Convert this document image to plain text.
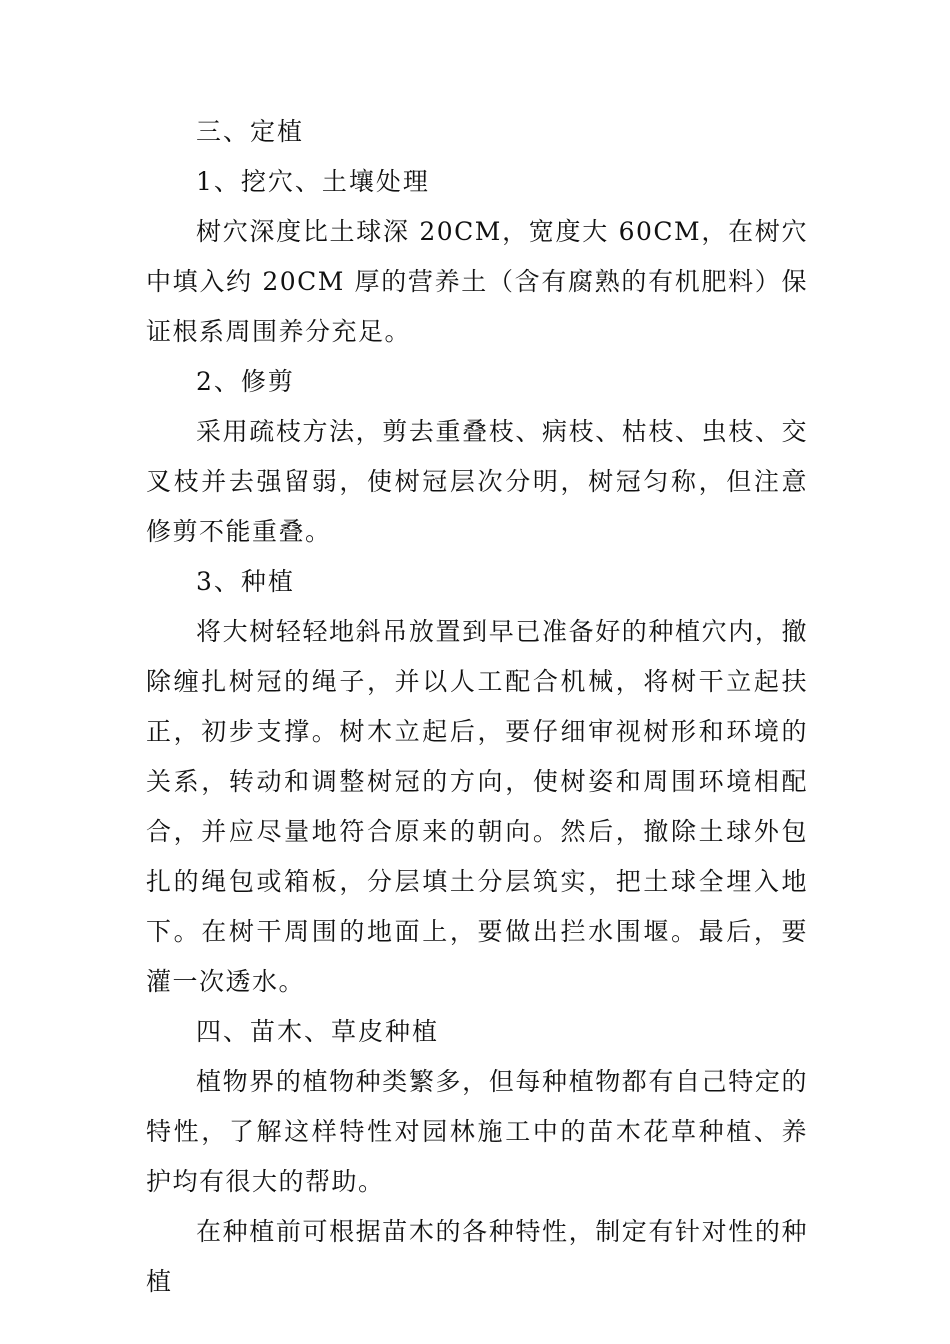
三、定植

1、挖穴、土壤处理

树穴深度比土球深 20CM，宽度大 60CM，在树穴中填入约 20CM 厚的营养土（含有腐熟的有机肥料）保证根系周围养分充足。

2、修剪

采用疏枝方法，剪去重叠枝、病枝、枯枝、虫枝、交叉枝并去强留弱，使树冠层次分明，树冠匀称，但注意修剪不能重叠。

3、种植

将大树轻轻地斜吊放置到早已准备好的种植穴内，撤除缠扎树冠的绳子，并以人工配合机械，将树干立起扶正，初步支撑。树木立起后，要仔细审视树形和环境的关系，转动和调整树冠的方向，使树姿和周围环境相配合，并应尽量地符合原来的朝向。然后，撤除土球外包扎的绳包或箱板，分层填土分层筑实，把土球全埋入地下。在树干周围的地面上，要做出拦水围堰。最后，要灌一次透水。

四、苗木、草皮种植

植物界的植物种类繁多，但每种植物都有自己特定的特性，了解这样特性对园林施工中的苗木花草种植、养护均有很大的帮助。

在种植前可根据苗木的各种特性，制定有针对性的种植
